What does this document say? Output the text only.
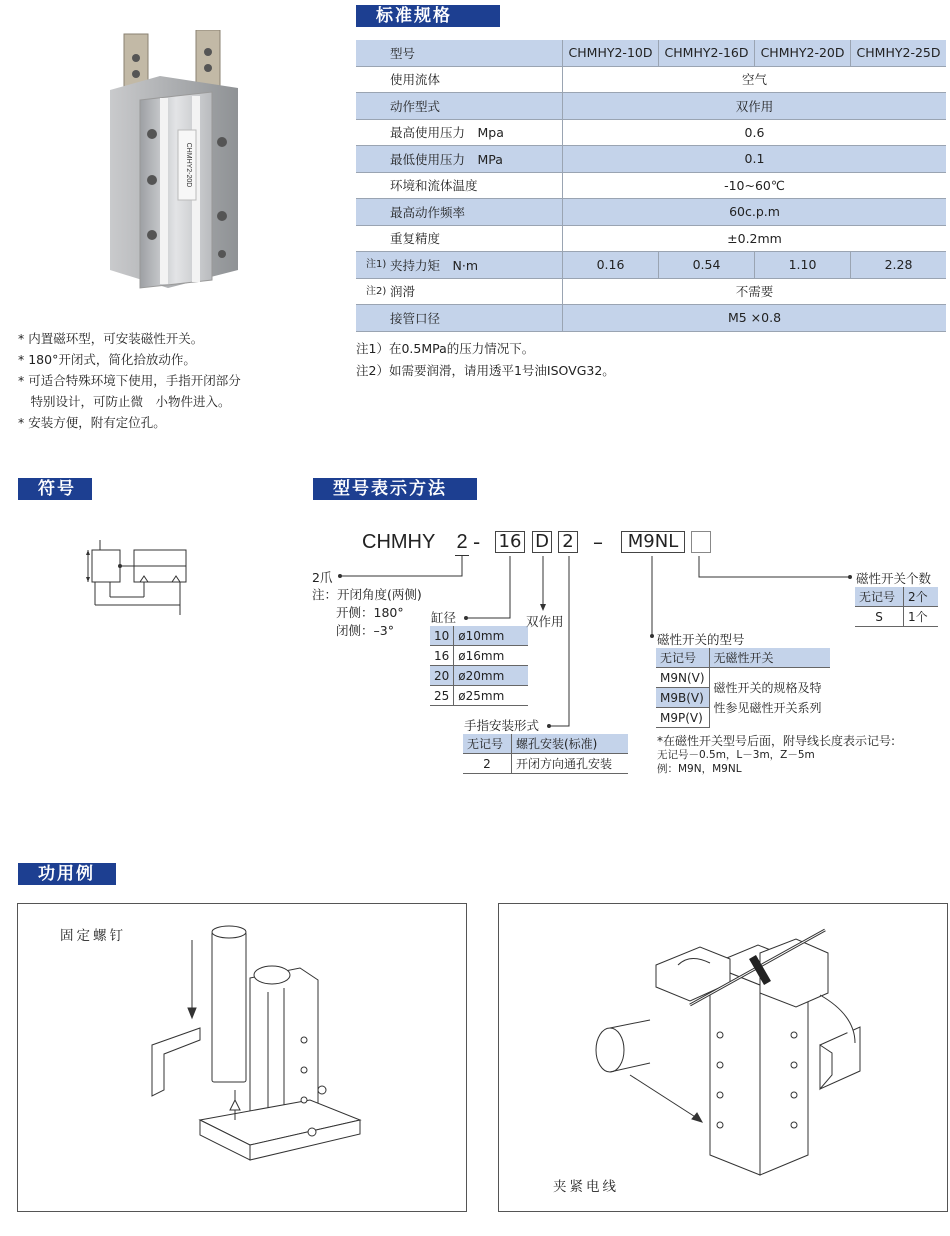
CHMHY2-20D
* 内置磁环型，可安装磁性开关。
* 180°开闭式，简化拾放动作。
* 可适合特殊环境下使用，手指开闭部分
　特别设计，可防止微　小物件进入。
* 安装方便，附有定位孔。
标准规格
符号	型号表示方法
功用例
型号	CHMHY2-10D	CHMHY2-16D	CHMHY2-20D	CHMHY2-25D
使用流体	空气			
动作型式	双作用			
最高使用压力　Mpa	0.6			
最低使用压力　MPa	0.1			
环境和流体温度	-10~60℃			
最高动作频率	60c.p.m			
重复精度	±0.2mm			

注1) 夹持力矩　N·m	0.16	0.54	1.10	2.28

注2) 润滑	不需要			
接管口径	M5 ×0.8			
注1）在0.5MPa的压力情况下。
注2）如需要润滑，请用透平1号油ISOVG32。
CHMHY 2 - 16 D 2 –	M9NL
2爪
注：开闭角度(两侧)
开侧：180°
闭侧：–3°
缸径
10	ø10mm
16	ø16mm
20	ø20mm
25	ø25mm
双作用
手指安装形式
无记号	螺孔安装(标准)
2	开闭方向通孔安装
磁性开关的型号
无记号	无磁性开关
M9N(V)	磁性开关的规格及特
性参见磁性开关系列

M9B(V)	
M9P(V)	
*在磁性开关型号后面，附导线长度表示记号:
无记号－0.5m，L－3m，Z－5m
例：M9N，M9NL
磁性开关个数
无记号	2个
S	1个
固定螺钉
夹紧电线
